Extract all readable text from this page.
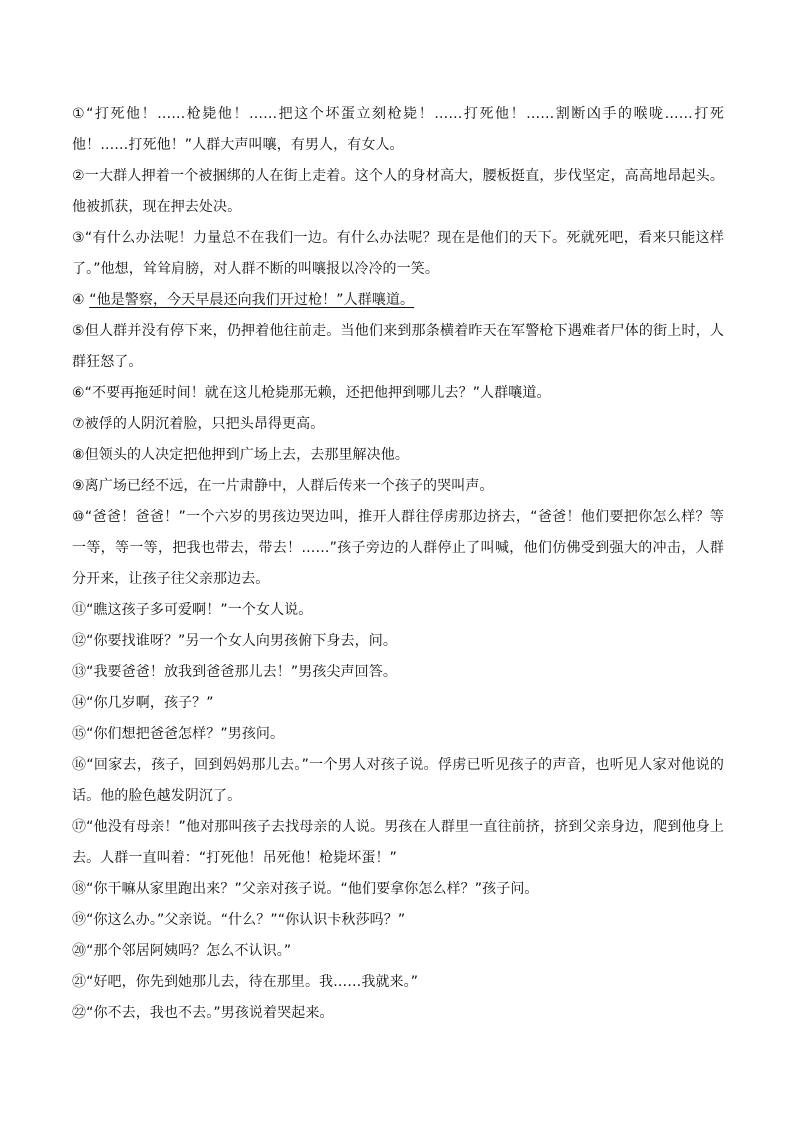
①“打死他！……枪毙他！……把这个坏蛋立刻枪毙！……打死他！……割断凶手的喉咙……打死他！……打死他！”人群大声叫嚷，有男人，有女人。

②一大群人押着一个被捆绑的人在街上走着。这个人的身材高大，腰板挺直，步伐坚定，高高地昂起头。他被抓获，现在押去处决。

③“有什么办法呢！力量总不在我们一边。有什么办法呢？现在是他们的天下。死就死吧，看来只能这样了。”他想，耸耸肩膀，对人群不断的叫嚷报以冷冷的一笑。

④ “他是警察，今天早晨还向我们开过枪！”人群嚷道。

⑤但人群并没有停下来，仍押着他往前走。当他们来到那条横着昨天在军警枪下遇难者尸体的街上时，人群狂怒了。

⑥“不要再拖延时间！就在这儿枪毙那无赖，还把他押到哪儿去？”人群嚷道。

⑦被俘的人阴沉着脸，只把头昂得更高。

⑧但领头的人决定把他押到广场上去，去那里解决他。

⑨离广场已经不远，在一片肃静中，人群后传来一个孩子的哭叫声。

⑩“爸爸！爸爸！”一个六岁的男孩边哭边叫，推开人群往俘虏那边挤去，“爸爸！他们要把你怎么样？等一等，等一等，把我也带去，带去！……”孩子旁边的人群停止了叫喊，他们仿佛受到强大的冲击，人群分开来，让孩子往父亲那边去。

⑪“瞧这孩子多可爱啊！”一个女人说。

⑫“你要找谁呀？”另一个女人向男孩俯下身去，问。

⑬“我要爸爸！放我到爸爸那儿去！”男孩尖声回答。

⑭“你几岁啊，孩子？”

⑮“你们想把爸爸怎样？”男孩问。

⑯“回家去，孩子，回到妈妈那儿去。”一个男人对孩子说。俘虏已听见孩子的声音，也听见人家对他说的话。他的脸色越发阴沉了。

⑰“他没有母亲！”他对那叫孩子去找母亲的人说。男孩在人群里一直往前挤，挤到父亲身边，爬到他身上去。人群一直叫着：“打死他！吊死他！枪毙坏蛋！”

⑱“你干嘛从家里跑出来？”父亲对孩子说。“他们要拿你怎么样？”孩子问。

⑲“你这么办。”父亲说。“什么？”“你认识卡秋莎吗？”

⑳“那个邻居阿姨吗？怎么不认识。”

㉑“好吧，你先到她那儿去，待在那里。我……我就来。”

㉒“你不去，我也不去。”男孩说着哭起来。
